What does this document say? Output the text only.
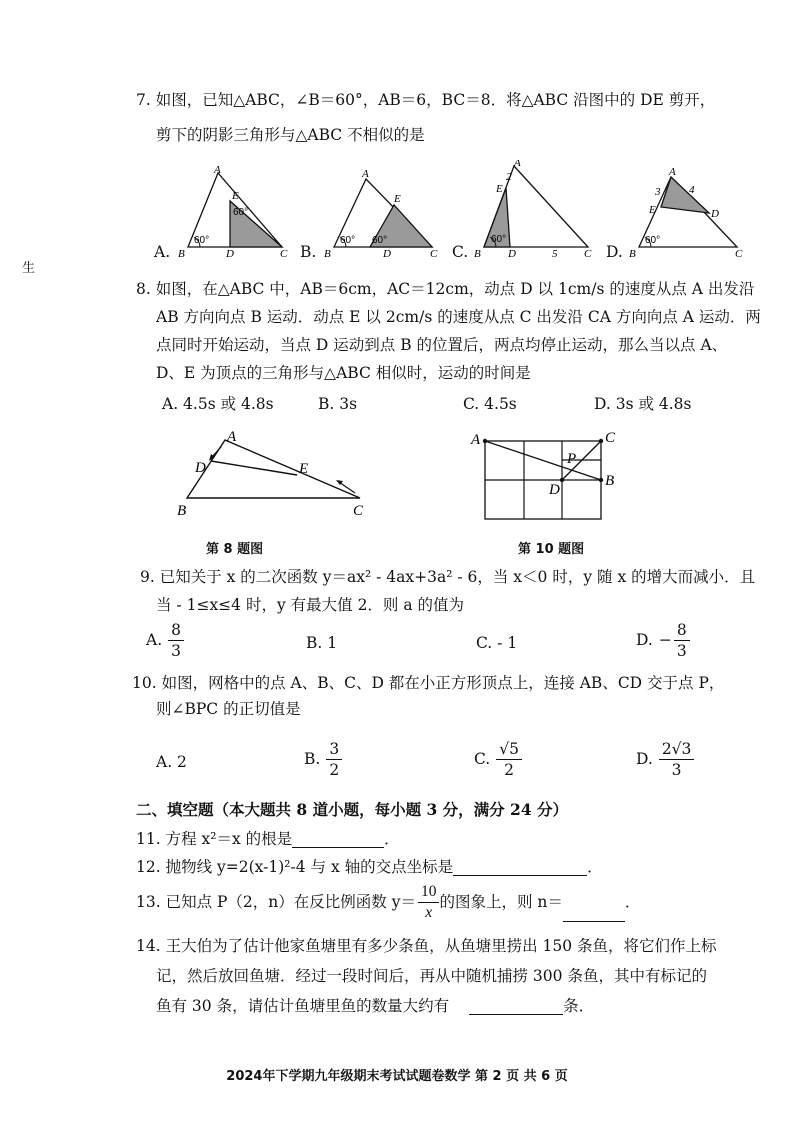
生
7. 如图，已知△ABC，∠B＝60°，AB＝6，BC＝8．将△ABC 沿图中的 DE 剪开，
剪下的阴影三角形与△ABC 不相似的是
A.
A
B	D	C
E
60°
60°
B.
A
B	D	C
E
60° 60°
C.
A
2
E
B D	5 C
60°
D.
A
3	4
E	D
B	C
60°
8. 如图，在△ABC 中，AB＝6cm，AC＝12cm，动点 D 以 1cm/s 的速度从点 A 出发沿
AB 方向向点 B 运动．动点 E 以 2cm/s 的速度从点 C 出发沿 CA 方向向点 A 运动．两
点同时开始运动，当点 D 运动到点 B 的位置后，两点均停止运动，那么当以点 A、
D、E 为顶点的三角形与△ABC 相似时，运动的时间是
A. 4.5s 或 4.8s	B. 3s	C. 4.5s	D. 3s 或 4.8s
A
D	E
B	C
A	C
B
D
P
第 8 题图	第 10 题图
9. 已知关于 x 的二次函数 y＝ax² - 4ax+3a² - 6，当 x＜0 时，y 随 x 的增大而减小．且
当 - 1≤x≤4 时，y 有最大值 2．则 a 的值为
A. $\frac{8}{3}$	B. 1	C. - 1	D. − $\frac{8}{3}$
10. 如图，网格中的点 A、B、C、D 都在小正方形顶点上，连接 AB、CD 交于点 P，
则∠BPC 的正切值是
A. 2	B. $\frac{3}{2}$	C. $\frac{√5}{2}$	D. $\frac{2√3}{3}$
二、填空题（本大题共 8 道小题，每小题 3 分，满分 24 分）
11. 方程 x²＝x 的根是	．
12. 抛物线 y=2(x-1)²-4 与 x 轴的交点坐标是	．
13. 已知点 P（2，n）在反比例函数 $y= \frac{10}{x}$ 的图象上，则 n＝	．
14. 王大伯为了估计他家鱼塘里有多少条鱼，从鱼塘里捞出 150 条鱼，将它们作上标
记，然后放回鱼塘．经过一段时间后，再从中随机捕捞 300 条鱼，其中有标记的
鱼有 30 条，请估计鱼塘里鱼的数量大约有	条．
2024年下学期九年级期末考试试题卷数学 第 2 页 共 6 页
